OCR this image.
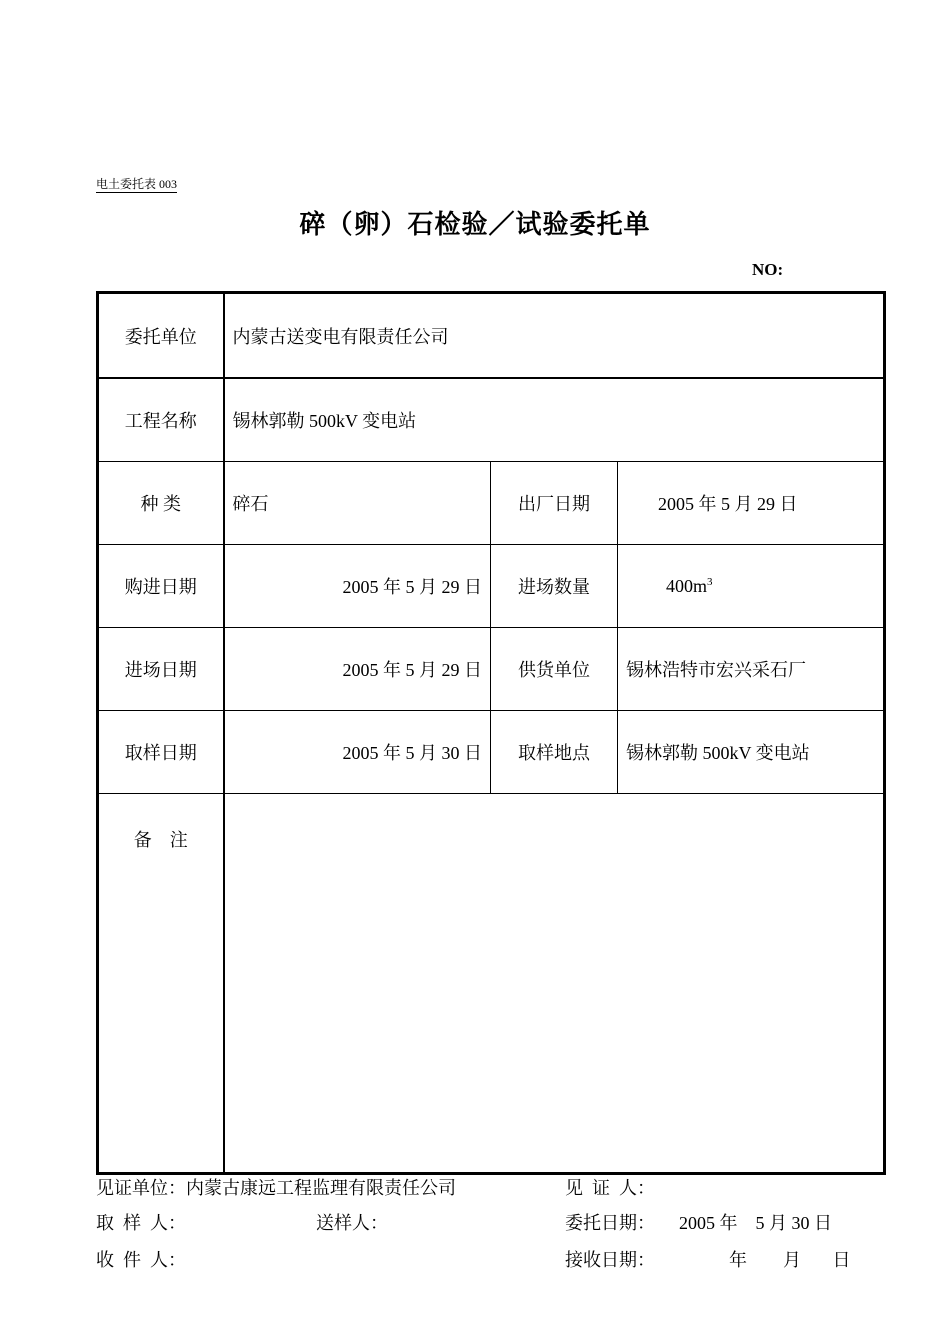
电土委托表 003
碎（卵）石检验／试验委托单
NO:
委托单位	内蒙古送变电有限责任公司		
工程名称	锡林郭勒 500kV 变电站		
种 类	碎石	出厂日期	2005 年 5 月 29 日
购进日期	2005 年 5 月 29 日	进场数量	$400m^3$
进场日期	2005 年 5 月 29 日	供货单位	锡林浩特市宏兴采石厂
取样日期	2005 年 5 月 30 日	取样地点	锡林郭勒 500kV 变电站
备    注			
见证单位：内蒙古康远工程监理有限责任公司	见  证  人：
取  样  人：	送样人：	委托日期： 2005 年    5 月 30 日
收  件  人：	接收日期：	年        月       日
